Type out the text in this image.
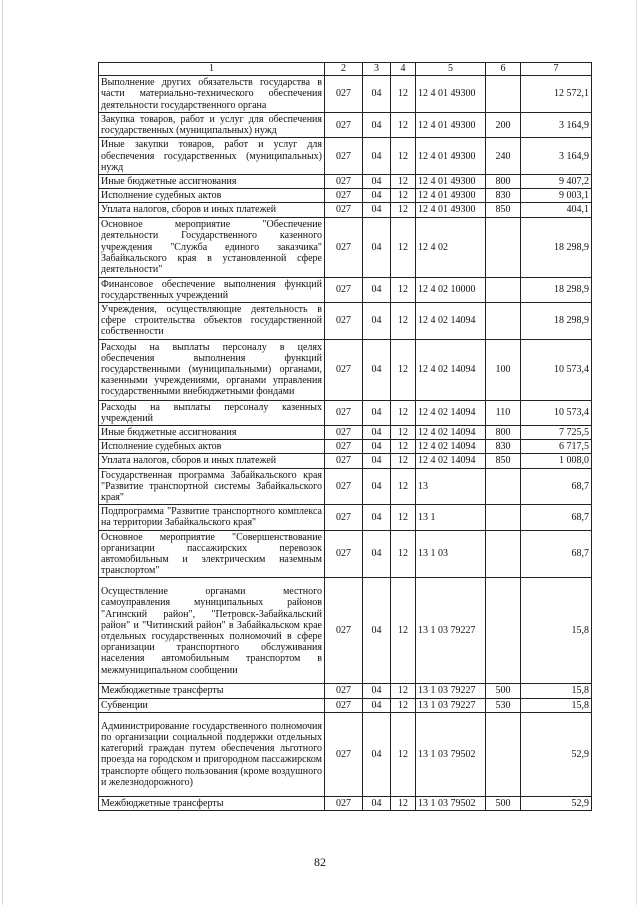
1	2	3	4	5	6	7
Выполнение других обязательств государства в части материально-технического обеспечения деятельности государственного органа	027	04	12	12 4 01 49300		12 572,1
Закупка товаров, работ и услуг для обеспечения государственных (муниципальных) нужд	027	04	12	12 4 01 49300	200	3 164,9
Иные закупки товаров, работ и услуг для обеспечения государственных (муниципальных) нужд	027	04	12	12 4 01 49300	240	3 164,9
Иные бюджетные ассигнования	027	04	12	12 4 01 49300	800	9 407,2
Исполнение судебных актов	027	04	12	12 4 01 49300	830	9 003,1
Уплата налогов, сборов и иных платежей	027	04	12	12 4 01 49300	850	404,1
Основное мероприятие "Обеспечение деятельности Государственного казенного учреждения "Служба единого заказчика" Забайкальского края в установленной сфере деятельности"	027	04	12	12 4 02		18 298,9
Финансовое обеспечение выполнения функций государственных учреждений	027	04	12	12 4 02 10000		18 298,9
Учреждения, осуществляющие деятельность в сфере строительства объектов государственной собственности	027	04	12	12 4 02 14094		18 298,9
Расходы на выплаты персоналу в целях обеспечения выполнения функций государственными (муниципальными) органами, казенными учреждениями, органами управления государственными внебюджетными фондами	027	04	12	12 4 02 14094	100	10 573,4
Расходы на выплаты персоналу казенных учреждений	027	04	12	12 4 02 14094	110	10 573,4
Иные бюджетные ассигнования	027	04	12	12 4 02 14094	800	7 725,5
Исполнение судебных актов	027	04	12	12 4 02 14094	830	6 717,5
Уплата налогов, сборов и иных платежей	027	04	12	12 4 02 14094	850	1 008,0
Государственная программа Забайкальского края "Развитие транспортной системы Забайкальского края"	027	04	12	13		68,7
Подпрограмма "Развитие транспортного комплекса на территории Забайкальского края"	027	04	12	13 1		68,7
Основное мероприятие "Совершенствование организации пассажирских перевозок автомобильным и электрическим наземным транспортом"	027	04	12	13 1 03		68,7
Осуществление органами местного самоуправления муниципальных районов "Агинский район", "Петровск-Забайкальский район" и "Читинский район" в Забайкальском крае отдельных государственных полномочий в сфере организации транспортного обслуживания населения автомобильным транспортом в межмуниципальном сообщении	027	04	12	13 1 03 79227		15,8
Межбюджетные трансферты	027	04	12	13 1 03 79227	500	15,8
Субвенции	027	04	12	13 1 03 79227	530	15,8
Администрирование государственного полномочия по организации социальной поддержки отдельных категорий граждан путем обеспечения льготного проезда на городском и пригородном пассажирском транспорте общего пользования (кроме воздушного и железнодорожного)	027	04	12	13 1 03 79502		52,9
Межбюджетные трансферты	027	04	12	13 1 03 79502	500	52,9
82
